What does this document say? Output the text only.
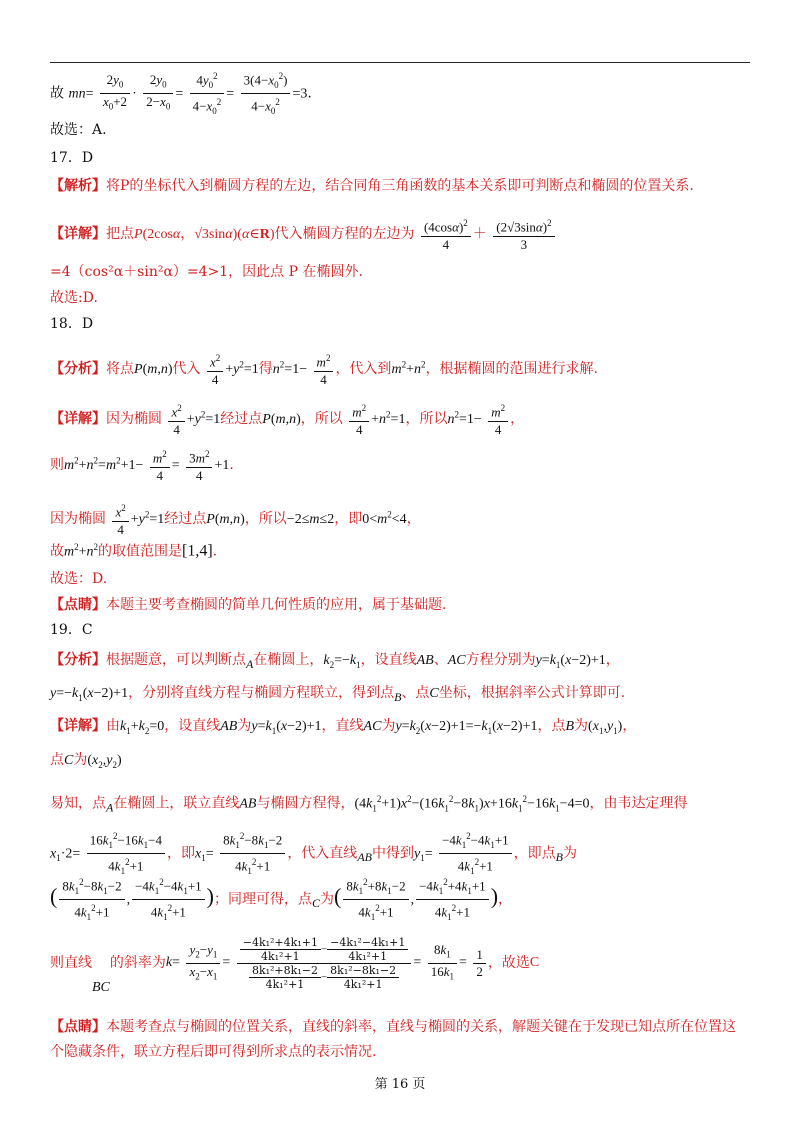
故 $mn= \frac{2y_0}{x_0+2} \cdot \frac{2y_0}{2-x_0} = \frac{4y_0^2}{4-x_0^2} = \frac{3(4-x_0^2)}{4-x_0^2} =3$.
故选：A.
17．D
【解析】将P的坐标代入到椭圆方程的左边，结合同角三角函数的基本关系即可判断点和椭圆的位置关系.
【详解】把点P(2cosα，√3sinα)(α∈R)代入椭圆方程的左边为 $\frac{(4\cos\alpha)^2}{4} + \frac{(2√3\sin\alpha)^2}{3}$
=4（cos²α＋sin²α）=4>1，因此点 P 在椭圆外.
故选:D.
18．D
【分析】将点P(m,n)代入 $\frac{x^2}{4} +y^2=1$得$n^2=1- \frac{m^2}{4}$ ，代入到$m^2+n^2$，根据椭圆的范围进行求解.
【详解】因为椭圆 $\frac{x^2}{4} +y^2=1$经过点P(m,n)，所以 $\frac{m^2}{4} +n^2=1$，所以$n^2=1- \frac{m^2}{4}$ ，
则$m^2+n^2=m^2+1- \frac{m^2}{4} = \frac{3m^2}{4} +1$.
因为椭圆 $\frac{x^2}{4} +y^2=1$经过点P(m,n)，所以−2≤m≤2，即$0<m^2<4$，
故$m^2+n^2$的取值范围是[1,4].
故选：D.
【点睛】本题主要考查椭圆的简单几何性质的应用，属于基础题.
19．C
【分析】根据题意，可以判断点A在椭圆上，$k_2=-k_1$，设直线AB、AC方程分别为$y=k_1(x-2)+1$，
$y=-k_1(x-2)+1$，分别将直线方程与椭圆方程联立，得到点B、点C坐标，根据斜率公式计算即可.
【详解】由$k_1+k_2=0$，设直线AB为$y=k_1(x-2)+1$，直线AC为$y=k_2(x-2)+1=-k_1(x-2)+1$，点B为$(x_1,y_1)$，
点C为$(x_2,y_2)$
易知，点A在椭圆上，联立直线AB与椭圆方程得，$(4k_1^2+1)x^2-(16k_1^2-8k_1)x+16k_1^2-16k_1-4=0$，由韦达定理得
$x_1\cdot 2= \frac{16k_1^2-16k_1-4}{4k_1^2+1}$ ，即$x_1= \frac{8k_1^2-8k_1-2}{4k_1^2+1}$ ，代入直线AB中得到$y_1= \frac{-4k_1^2-4k_1+1}{4k_1^2+1}$ ，即点B为
( $\frac{8k_1^2-8k_1-2}{4k_1^2+1}$ , $\frac{-4k_1^2-4k_1+1}{4k_1^2+1}$ )；同理可得，点C为( $\frac{8k_1^2+8k_1-2}{4k_1^2+1}$ , $\frac{-4k_1^2+4k_1+1}{4k_1^2+1}$ )，
则直线BC的斜率为$k= \frac{y_2-y_1}{x_2-x_1} = \frac{\frac{\text{−4k₁²+4k₁+1}}{\text{4k₁²+1}} - \frac{\text{−4k₁²−4k₁+1}}{\text{4k₁²+1}}}{\frac{\text{8k₁²+8k₁−2}}{\text{4k₁²+1}} - \frac{\text{8k₁²−8k₁−2}}{\text{4k₁²+1}}} = \frac{8k_1}{16k_1} = \frac{1}{2}$ ，故选C
【点睛】本题考查点与椭圆的位置关系，直线的斜率，直线与椭圆的关系，解题关键在于发现已知点所在位置这
个隐藏条件，联立方程后即可得到所求点的表示情况.
第 16 页
